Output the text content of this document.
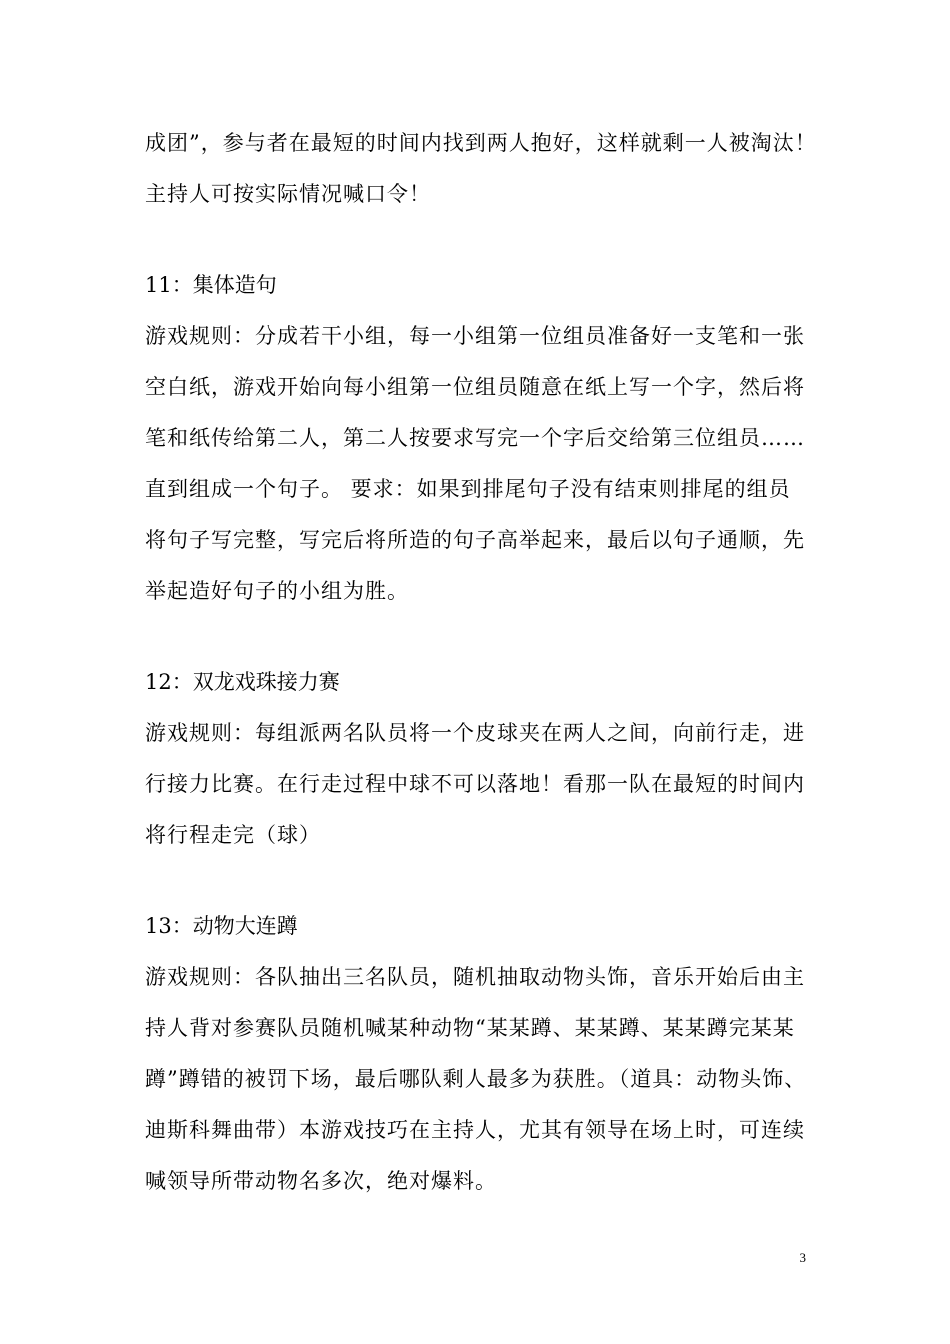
成团”，参与者在最短的时间内找到两人抱好，这样就剩一人被淘汰！
主持人可按实际情况喊口令！
11：集体造句
游戏规则：分成若干小组，每一小组第一位组员准备好一支笔和一张
空白纸，游戏开始向每小组第一位组员随意在纸上写一个字，然后将
笔和纸传给第二人，第二人按要求写完一个字后交给第三位组员……
直到组成一个句子。 要求：如果到排尾句子没有结束则排尾的组员
将句子写完整，写完后将所造的句子高举起来，最后以句子通顺，先
举起造好句子的小组为胜。
12：双龙戏珠接力赛
游戏规则：每组派两名队员将一个皮球夹在两人之间，向前行走，进
行接力比赛。在行走过程中球不可以落地！看那一队在最短的时间内
将行程走完（球）
13：动物大连蹲
游戏规则：各队抽出三名队员，随机抽取动物头饰，音乐开始后由主
持人背对参赛队员随机喊某种动物“某某蹲、某某蹲、某某蹲完某某
蹲”蹲错的被罚下场，最后哪队剩人最多为获胜。（道具：动物头饰、
迪斯科舞曲带）本游戏技巧在主持人，尤其有领导在场上时，可连续
喊领导所带动物名多次，绝对爆料。
3
